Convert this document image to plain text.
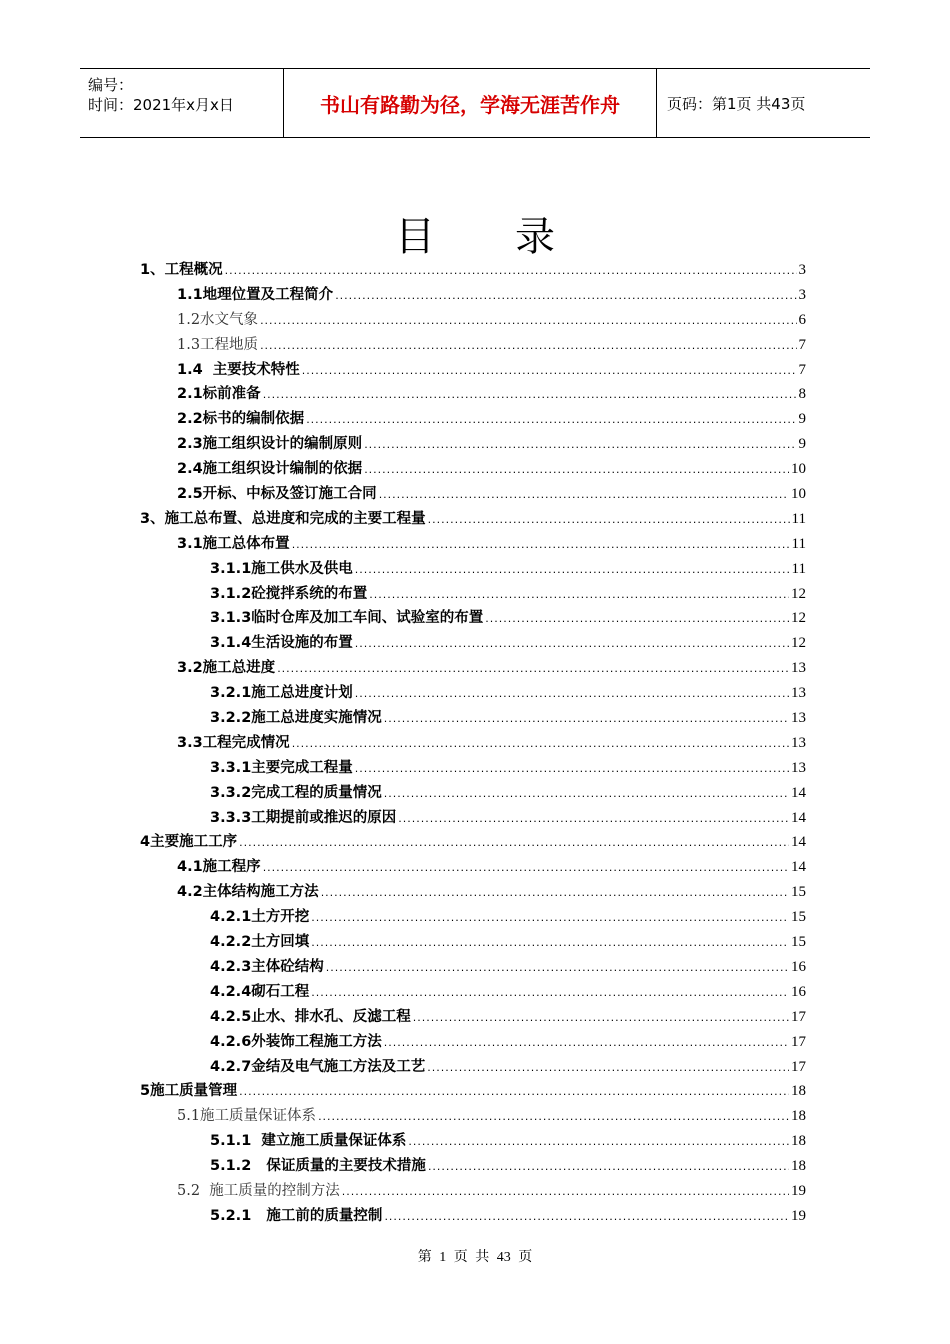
编号：
时间：2021年x月x日	书山有路勤为径，学海无涯苦作舟	页码：第1页 共43页
目录
1、工程概况 .....	3
1.1地理位置及工程简介 .....	3
1.2水文气象 .....	6
1.3工程地质 .....	7
1.4  主要技术特性 .....	7
2.1标前准备 .....	8
2.2标书的编制依据 .....	9
2.3施工组织设计的编制原则 .....	9
2.4施工组织设计编制的依据 .....	10
2.5开标、中标及签订施工合同 .....	10
3、施工总布置、总进度和完成的主要工程量 .....	11
3.1施工总体布置 .....	11
3.1.1施工供水及供电 .....	11
3.1.2砼搅拌系统的布置 .....	12
3.1.3临时仓库及加工车间、试验室的布置 .....	12
3.1.4生活设施的布置 .....	12
3.2施工总进度 .....	13
3.2.1施工总进度计划 .....	13
3.2.2施工总进度实施情况 .....	13
3.3工程完成情况 .....	13
3.3.1主要完成工程量 .....	13
3.3.2完成工程的质量情况 .....	14
3.3.3工期提前或推迟的原因 .....	14
4主要施工工序 .....	14
4.1施工程序 .....	14
4.2主体结构施工方法 .....	15
4.2.1土方开挖 .....	15
4.2.2土方回填 .....	15
4.2.3主体砼结构 .....	16
4.2.4砌石工程 .....	16
4.2.5止水、排水孔、反滤工程 .....	17
4.2.6外装饰工程施工方法 .....	17
4.2.7金结及电气施工方法及工艺 .....	17
5施工质量管理 .....	18
5.1施工质量保证体系 .....	18
5.1.1  建立施工质量保证体系 .....	18
5.1.2   保证质量的主要技术措施 .....	18
5.2  施工质量的控制方法 .....	19
5.2.1   施工前的质量控制 .....	19
第 1 页 共 43 页
